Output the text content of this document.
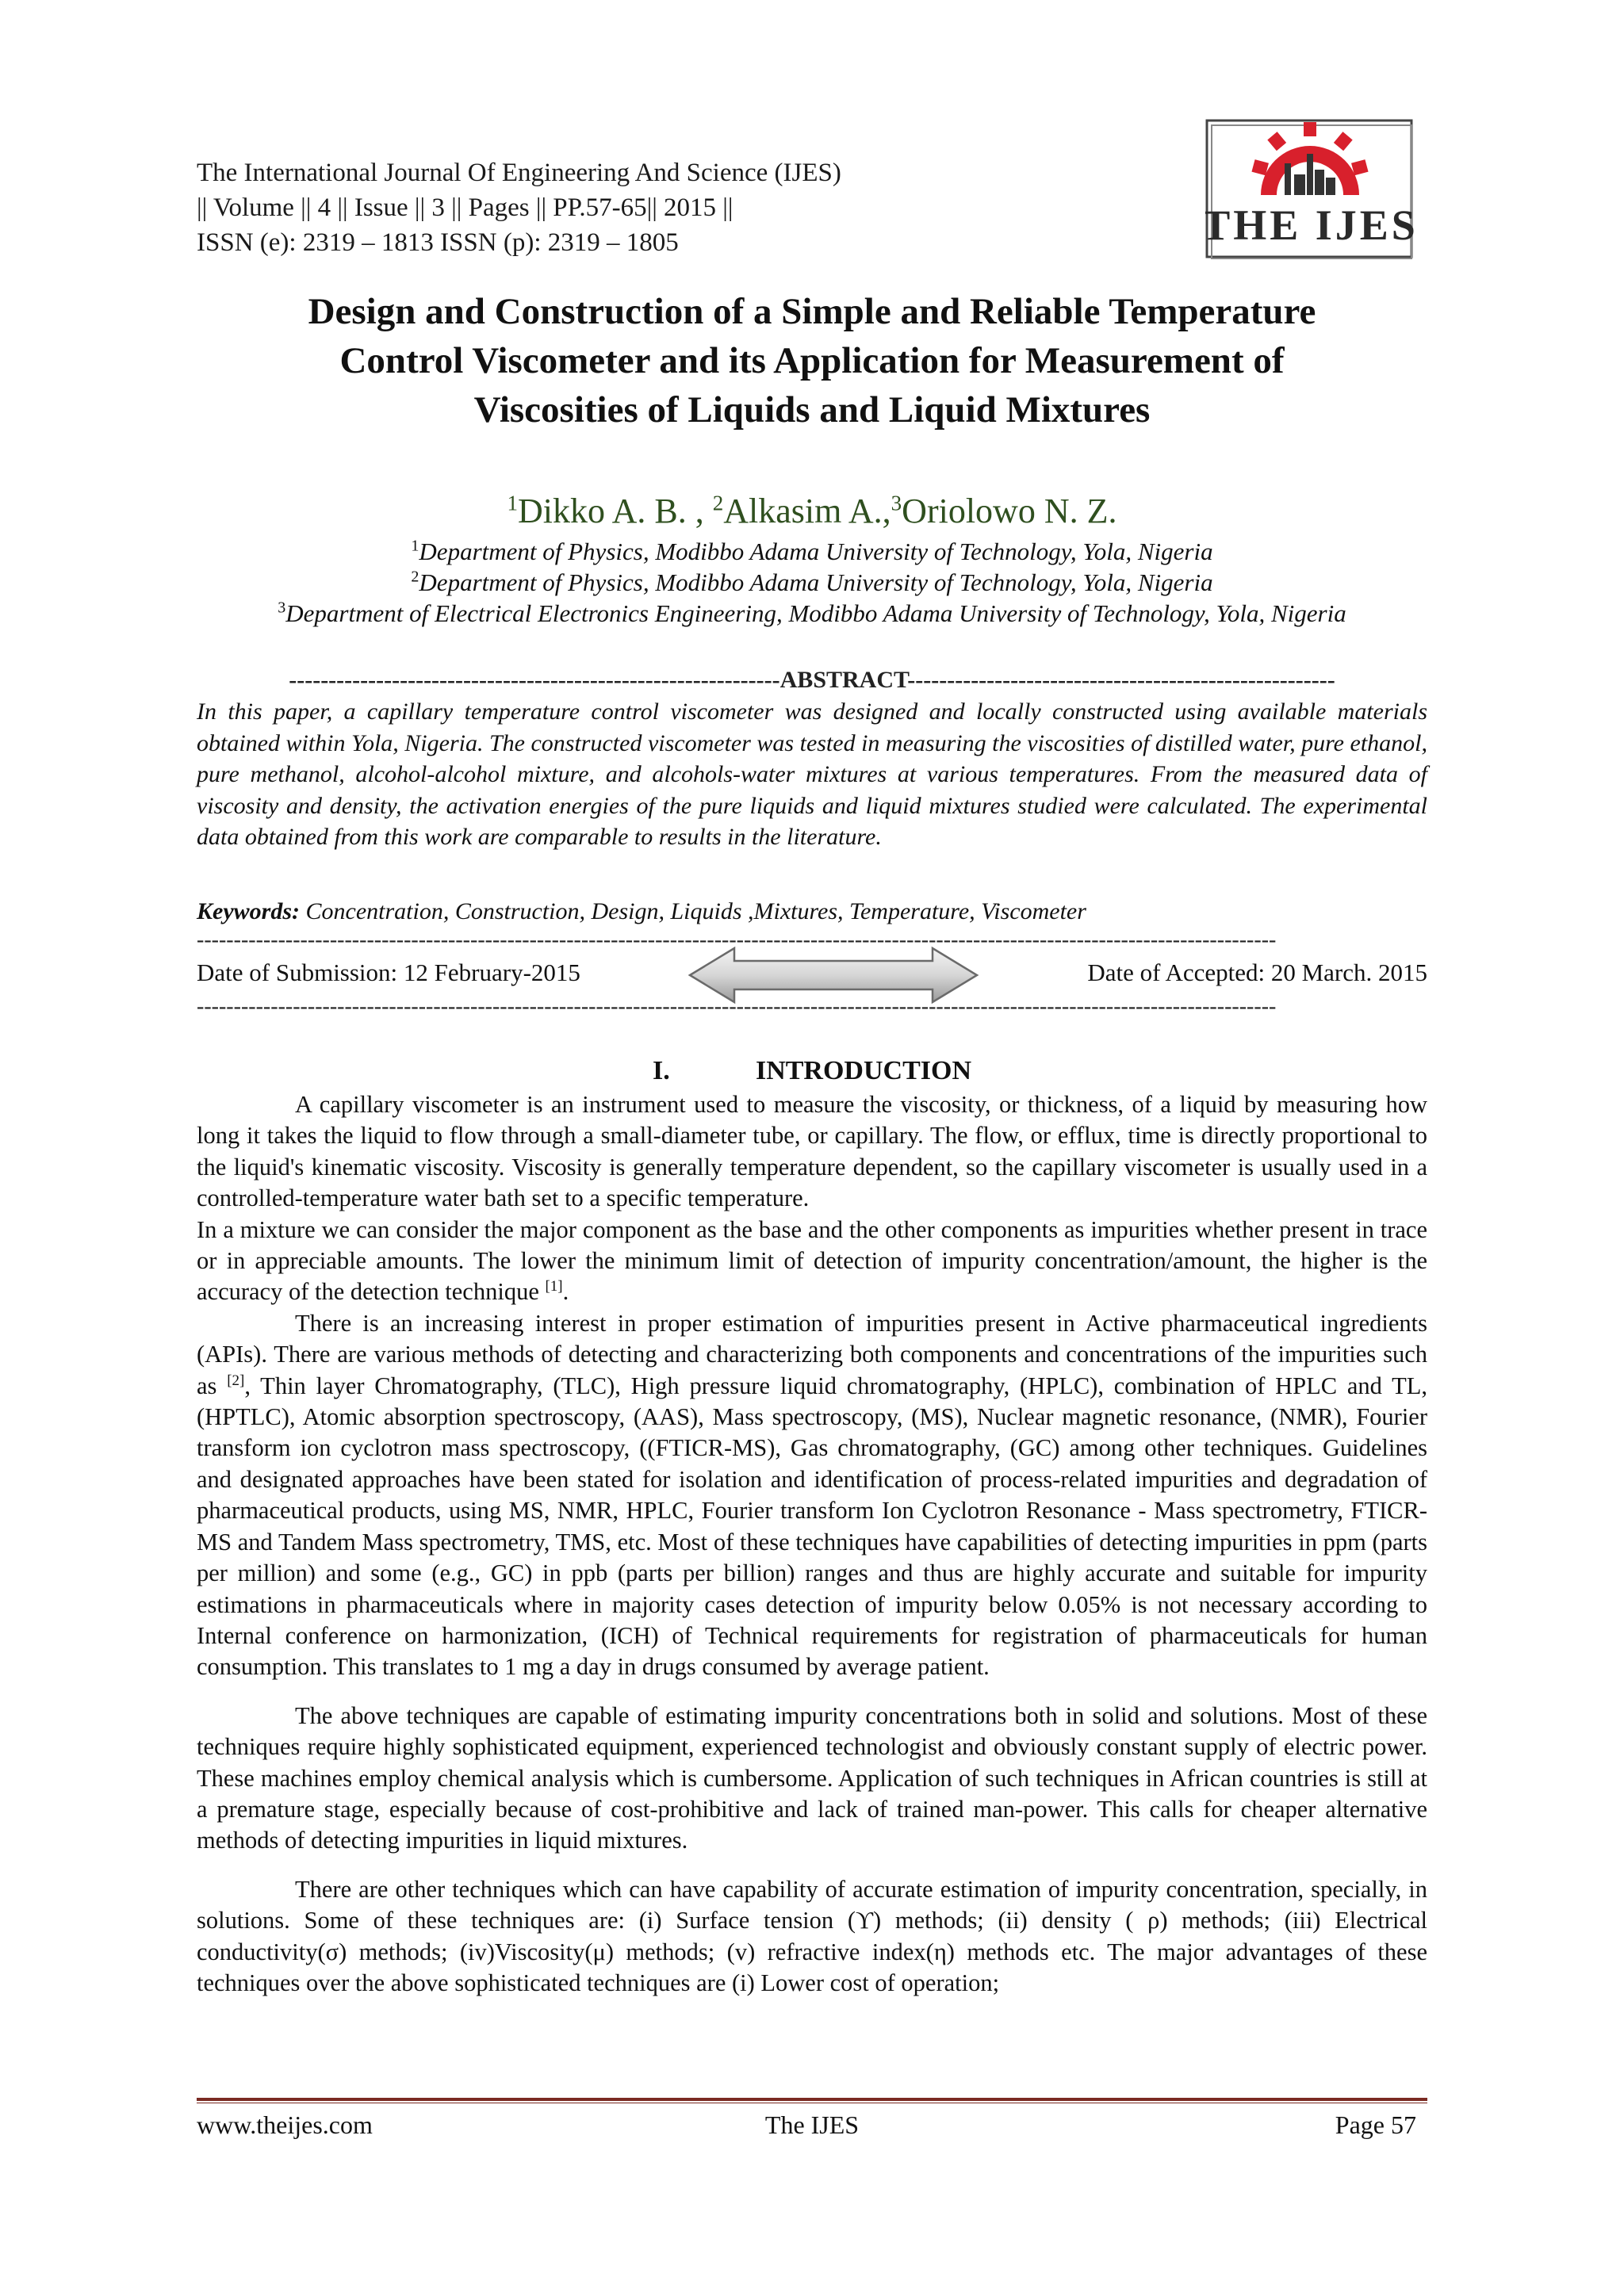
The International Journal Of Engineering And Science (IJES)
|| Volume || 4 || Issue || 3 || Pages || PP.57-65|| 2015 ||
ISSN (e): 2319 – 1813 ISSN (p): 2319 – 1805	THE IJES
Design and Construction of a Simple and Reliable Temperature
Control Viscometer and its Application for Measurement of
Viscosities of Liquids and Liquid Mixtures
$^1$Dikko A. B. , $^2$Alkasim A.,$^3$Oriolowo N. Z.
$^1$Department of Physics, Modibbo Adama University of Technology, Yola, Nigeria
$^2$Department of Physics, Modibbo Adama University of Technology, Yola, Nigeria
$^3$Department of Electrical Electronics Engineering, Modibbo Adama University of Technology, Yola, Nigeria
--------------------------------------------------------------ABSTRACT------------------------------------------------------
In this paper, a capillary temperature control viscometer was designed and locally constructed using available materials obtained within Yola, Nigeria. The constructed viscometer was tested in measuring the viscosities of distilled water, pure ethanol, pure methanol, alcohol-alcohol mixture, and alcohols-water mixtures at various temperatures. From the measured data of viscosity and density, the activation energies of the pure liquids and liquid mixtures studied were calculated. The experimental data obtained from this work are comparable to results in the literature.
Keywords: Concentration, Construction, Design, Liquids ,Mixtures, Temperature, Viscometer
--------------------------------------------------------------------------------------------------------------------------------------------------
Date of Submission: 12 February-2015	Date of Accepted: 20 March. 2015
--------------------------------------------------------------------------------------------------------------------------------------------------
I.	INTRODUCTION

A capillary viscometer is an instrument used to measure the viscosity, or thickness, of a liquid by measuring how long it takes the liquid to flow through a small-diameter tube, or capillary. The flow, or efflux, time is directly proportional to the liquid's kinematic viscosity. Viscosity is generally temperature dependent, so the capillary viscometer is usually used in a controlled-temperature water bath set to a specific temperature.

In a mixture we can consider the major component as the base and the other components as impurities whether present in trace or in appreciable amounts. The lower the minimum limit of detection of impurity concentration/amount, the higher is the accuracy of the detection technique [1].

There is an increasing interest in proper estimation of impurities present in Active pharmaceutical ingredients (APIs). There are various methods of detecting and characterizing both components and concentrations of the impurities such as [2], Thin layer Chromatography, (TLC), High pressure liquid chromatography, (HPLC), combination of HPLC and TL, (HPTLC), Atomic absorption spectroscopy, (AAS), Mass spectroscopy, (MS), Nuclear magnetic resonance, (NMR), Fourier transform ion cyclotron mass spectroscopy, ((FTICR-MS), Gas chromatography, (GC) among other techniques. Guidelines and designated approaches have been stated for isolation and identification of process-related impurities and degradation of pharmaceutical products, using MS, NMR, HPLC, Fourier transform Ion Cyclotron Resonance - Mass spectrometry, FTICR-MS and Tandem Mass spectrometry, TMS, etc. Most of these techniques have capabilities of detecting impurities in ppm (parts per million) and some (e.g., GC) in ppb (parts per billion) ranges and thus are highly accurate and suitable for impurity estimations in pharmaceuticals where in majority cases detection of impurity below 0.05% is not necessary according to Internal conference on harmonization, (ICH) of Technical requirements for registration of pharmaceuticals for human consumption. This translates to 1 mg a day in drugs consumed by average patient.

The above techniques are capable of estimating impurity concentrations both in solid and solutions. Most of these techniques require highly sophisticated equipment, experienced technologist and obviously constant supply of electric power. These machines employ chemical analysis which is cumbersome. Application of such techniques in African countries is still at a premature stage, especially because of cost-prohibitive and lack of trained man-power. This calls for cheaper alternative methods of detecting impurities in liquid mixtures.

There are other techniques which can have capability of accurate estimation of impurity concentration, specially, in solutions. Some of these techniques are: (i) Surface tension (ϒ) methods; (ii) density ( ρ) methods; (iii) Electrical conductivity(σ) methods; (iv)Viscosity(μ) methods; (v) refractive index(η) methods etc. The major advantages of these techniques over the above sophisticated techniques are (i) Lower cost of operation;

www.theijes.com	The IJES	Page 57
